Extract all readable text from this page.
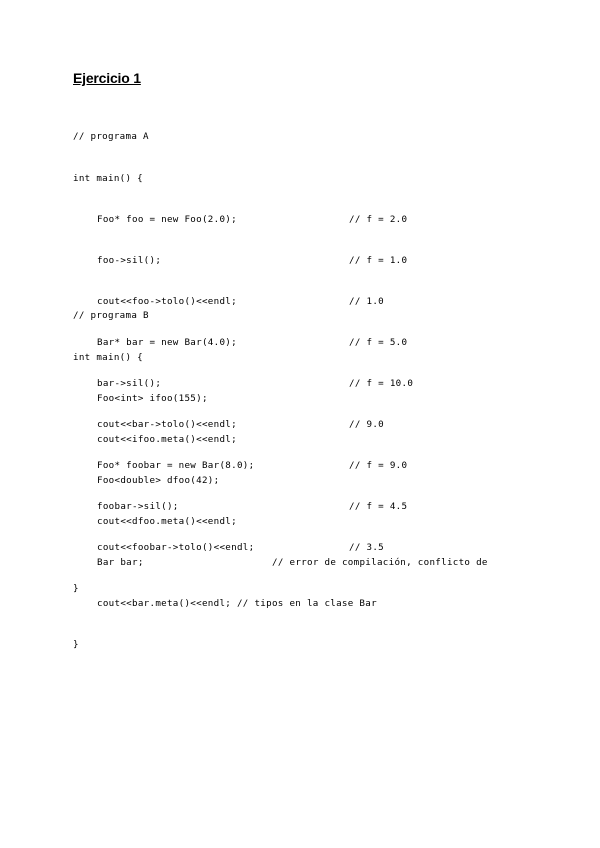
Ejercicio 1

// programa A

int main() {

Foo* foo = new Foo(2.0);	// f = 2.0

foo->sil();	// f = 1.0

cout<<foo->tolo()<<endl;	// 1.0

Bar* bar = new Bar(4.0);	// f = 5.0

bar->sil();	// f = 10.0

cout<<bar->tolo()<<endl;	// 9.0

Foo* foobar = new Bar(8.0);	// f = 9.0

foobar->sil();	// f = 4.5

cout<<foobar->tolo()<<endl;	// 3.5

}

// programa B

int main() {

Foo<int> ifoo(155);

cout<<ifoo.meta()<<endl;

Foo<double> dfoo(42);

cout<<dfoo.meta()<<endl;

Bar bar;	// error de compilación, conflicto de

cout<<bar.meta()<<endl; // tipos en la clase Bar

}
